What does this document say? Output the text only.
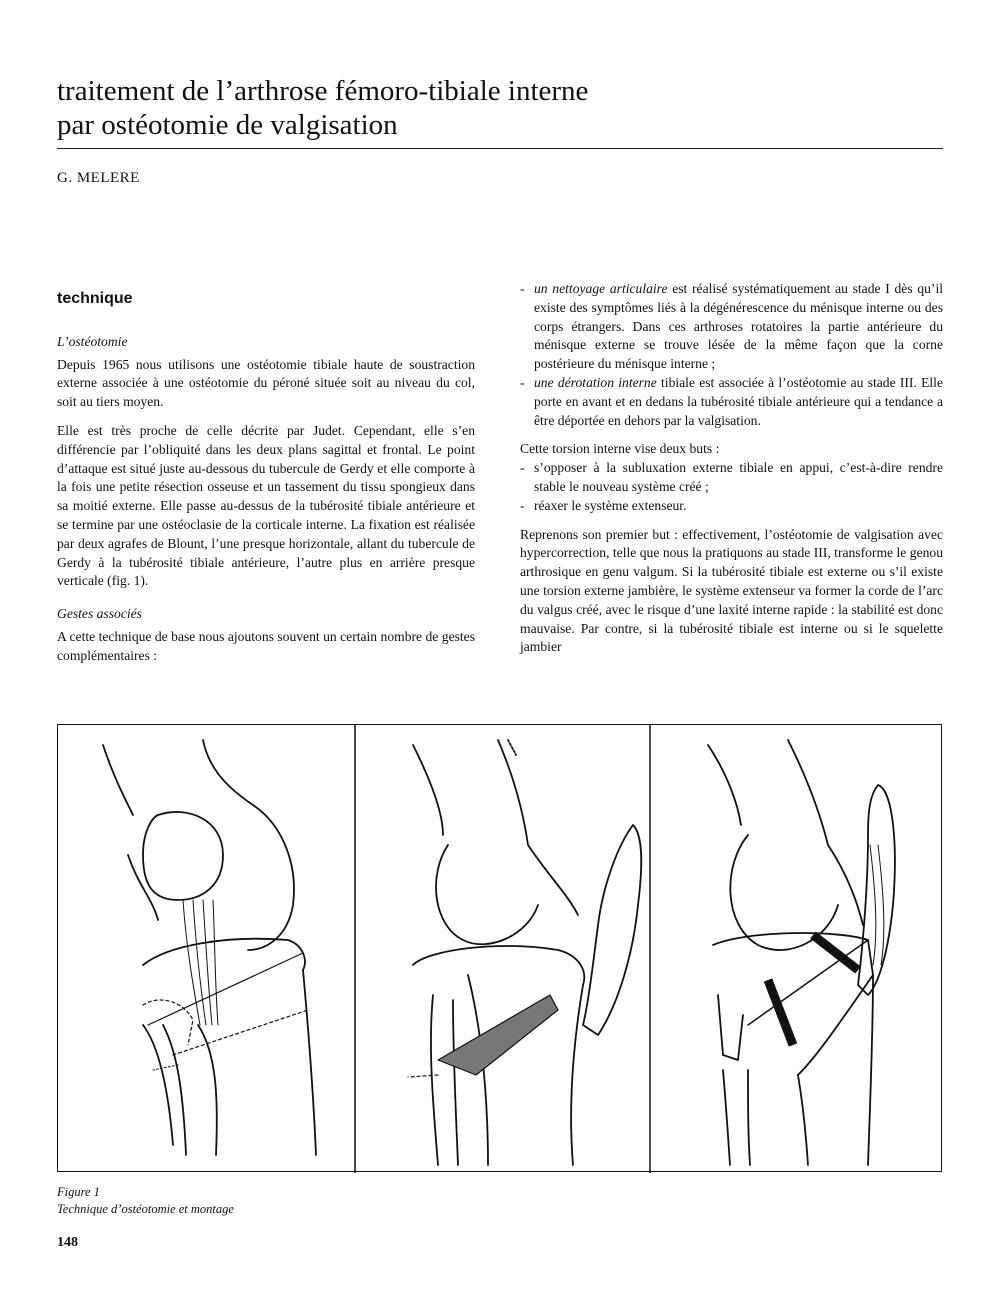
traitement de l’arthrose fémoro-tibiale interne
par ostéotomie de valgisation
G. MELERE
technique
L’ostéotomie

Depuis 1965 nous utilisons une ostéotomie tibiale haute de soustraction externe associée à une ostéotomie du péroné située soit au niveau du col, soit au tiers moyen.

Elle est très proche de celle décrite par Judet. Cependant, elle s’en différencie par l’obliquité dans les deux plans sagittal et frontal. Le point d’attaque est situé juste au-dessous du tubercule de Gerdy et elle comporte à la fois une petite résection osseuse et un tassement du tissu spongieux dans sa moitié externe. Elle passe au-dessus de la tubérosité tibiale antérieure et se termine par une ostéoclasie de la corticale interne. La fixation est réalisée par deux agrafes de Blount, l’une presque horizontale, allant du tubercule de Gerdy à la tubérosité tibiale antérieure, l’autre plus en arrière presque verticale (fig. 1).

Gestes associés

A cette technique de base nous ajoutons souvent un certain nombre de gestes complémentaires :

- un nettoyage articulaire est réalisé systématiquement au stade I dès qu’il existe des symptômes liés à la dégénérescence du ménisque interne ou des corps étrangers. Dans ces arthroses rotatoires la partie antérieure du ménisque externe se trouve lésée de la même façon que la corne postérieure du ménisque interne ;
- une dérotation interne tibiale est associée à l’ostéotomie au stade III. Elle porte en avant et en dedans la tubérosité tibiale antérieure qui a tendance a être déportée en dehors par la valgisation.

Cette torsion interne vise deux buts :

- s’opposer à la subluxation externe tibiale en appui, c’est-à-dire rendre stable le nouveau système créé ;
- réaxer le système extenseur.

Reprenons son premier but : effectivement, l’ostéotomie de valgisation avec hypercorrection, telle que nous la pratiquons au stade III, transforme le genou arthrosique en genu valgum. Si la tubérosité tibiale est externe ou s’il existe une torsion externe jambière, le système extenseur va former la corde de l’arc du valgus créé, avec le risque d’une laxité interne rapide : la stabilité est donc mauvaise. Par contre, si la tubérosité tibiale est interne ou si le squelette jambier

Figure 1
Technique d’ostéotomie et montage
148
